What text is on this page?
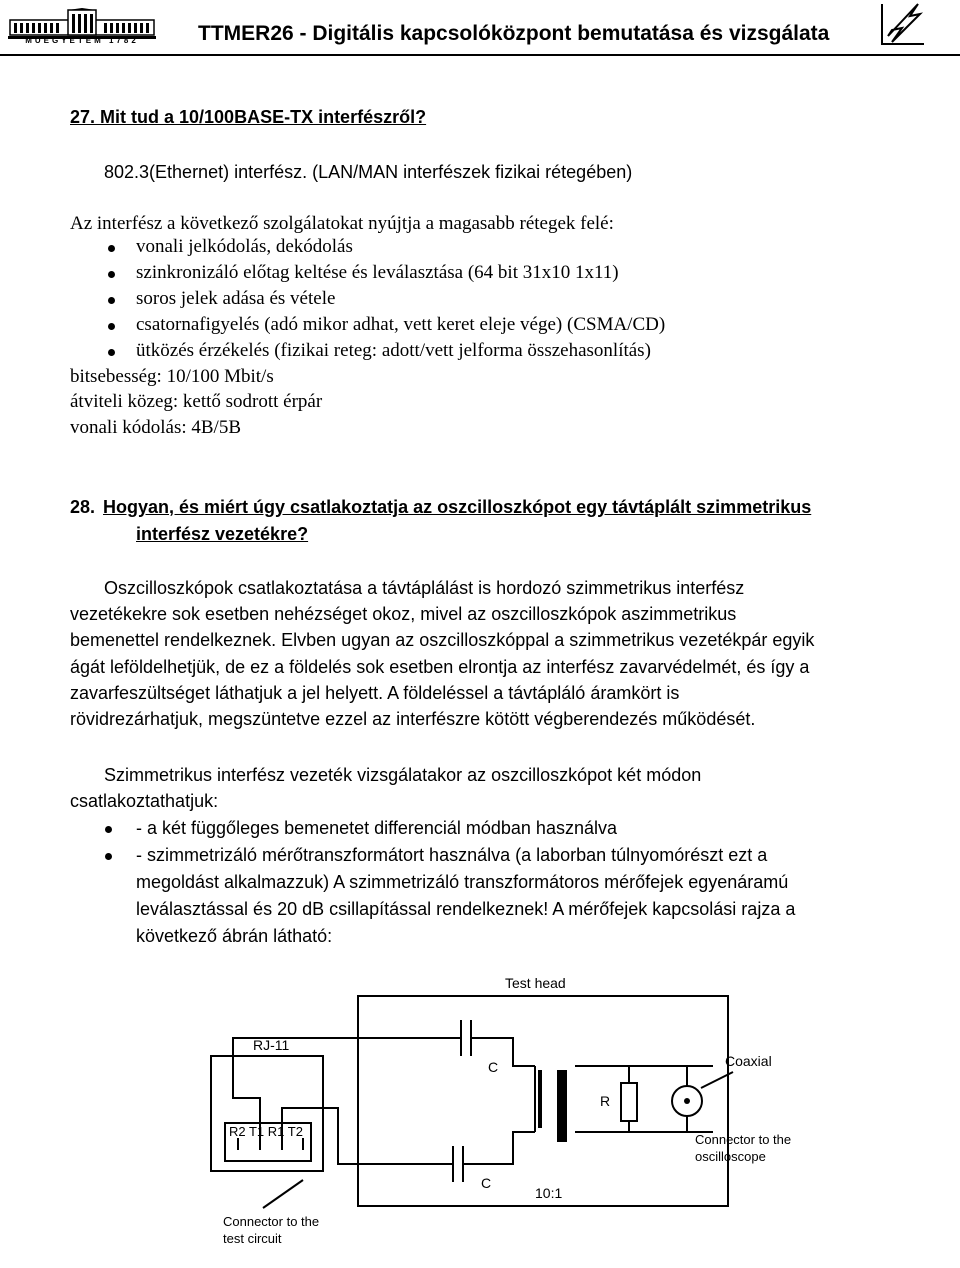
MŰEGYETEM 1782	TTMER26 - Digitális kapcsolóközpont bemutatása és vizsgálata
27. Mit tud a 10/100BASE-TX interfészről?
802.3(Ethernet) interfész. (LAN/MAN interfészek fizikai rétegében)
Az interfész a következő szolgálatokat nyújtja a magasabb rétegek felé:
vonali jelkódolás, dekódolás
szinkronizáló előtag keltése és leválasztása (64 bit 31x10 1x11)
soros jelek adása és vétele
csatornafigyelés (adó mikor adhat, vett keret eleje vége) (CSMA/CD)
ütközés érzékelés (fizikai reteg: adott/vett jelforma összehasonlítás)
bitsebesség: 10/100 Mbit/s
átviteli közeg: kettő sodrott érpár
vonali kódolás: 4B/5B
28. Hogyan, és miért úgy csatlakoztatja az oszcilloszkópot egy távtáplált szimmetrikus
interfész vezetékre?
Oszcilloszkópok csatlakoztatása a távtáplálást is hordozó szimmetrikus interfész
vezetékekre sok esetben nehézséget okoz, mivel az oszcilloszkópok aszimmetrikus
bemenettel rendelkeznek. Elvben ugyan az oszcilloszkóppal a szimmetrikus vezetékpár egyik
ágát leföldelhetjük, de ez a földelés sok esetben elrontja az interfész zavarvédelmét, és így a
zavarfeszültséget láthatjuk a jel helyett. A földeléssel a távtápláló áramkört is
rövidrezárhatjuk, megszüntetve ezzel az interfészre kötött végberendezés működését.
Szimmetrikus interfész vezeték vizsgálatakor az oszcilloszkópot két módon
csatlakoztathatjuk:
- a két függőleges bemenetet differenciál módban használva
- szimmetrizáló mérőtranszformátort használva (a laborban túlnyomórészt ezt a
megoldást alkalmazzuk) A szimmetrizáló transzformátoros mérőfejek egyenáramú
leválasztással és 20 dB csillapítással rendelkeznek! A mérőfejek kapcsolási rajza a
következő ábrán látható:
Test head
RJ-11
R2 T1 R1 T2
C
C
R
Coaxial
10:1
Connector to the
oscilloscope
Connector to the
test circuit
